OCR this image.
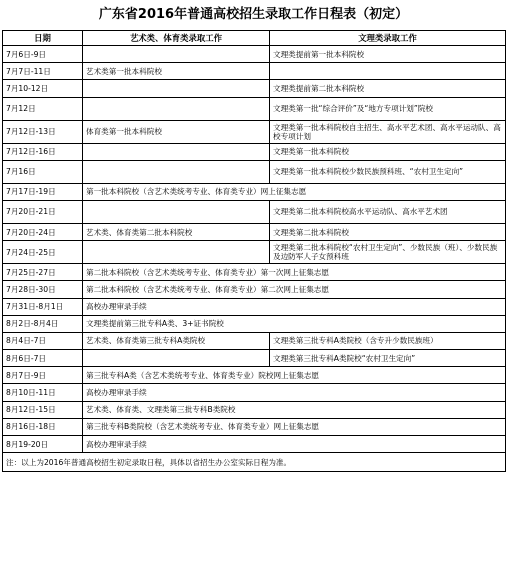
广东省2016年普通高校招生录取工作日程表（初定）
日期	艺术类、体育类录取工作	文理类录取工作
7月6日-9日		文理类提前第一批本科院校
7月7日-11日	艺术类第一批本科院校	
7月10-12日		文理类提前第二批本科院校
7月12日		文理类第一批“综合评价”及“地方专项计划”院校
7月12日-13日	体育类第一批本科院校	文理类第一批本科院校自主招生、高水平艺术团、高水平运动队、高校专项计划
7月12日-16日		文理类第一批本科院校
7月16日		文理类第一批本科院校少数民族预科班、“农村卫生定向”
7月17日-19日	第一批本科院校（含艺术类统考专业、体育类专业）网上征集志愿	
7月20日-21日		文理类第二批本科院校高水平运动队、高水平艺术团
7月20日-24日	艺术类、体育类第二批本科院校	文理类第二批本科院校
7月24日-25日		文理类第二批本科院校“农村卫生定向”、少数民族（班）、少数民族及边防军人子女预科班
7月25日-27日	第二批本科院校（含艺术类统考专业、体育类专业）第一次网上征集志愿	
7月28日-30日	第二批本科院校（含艺术类统考专业、体育类专业）第二次网上征集志愿	
7月31日-8月1日	高校办理审录手续	
8月2日-8月4日	文理类提前第三批专科A类、3+证书院校	
8月4日-7日	艺术类、体育类第三批专科A类院校	文理类第三批专科A类院校（含专升少数民族班）
8月6日-7日		文理类第三批专科A类院校“农村卫生定向”
8月7日-9日	第三批专科A类（含艺术类统考专业、体育类专业）院校网上征集志愿	
8月10日-11日	高校办理审录手续	
8月12日-15日	艺术类、体育类、文理类第三批专科B类院校	
8月16日-18日	第三批专科B类院校（含艺术类统考专业、体育类专业）网上征集志愿	
8月19-20日	高校办理审录手续	
注：以上为2016年普通高校招生初定录取日程，具体以省招生办公室实际日程为准。		
